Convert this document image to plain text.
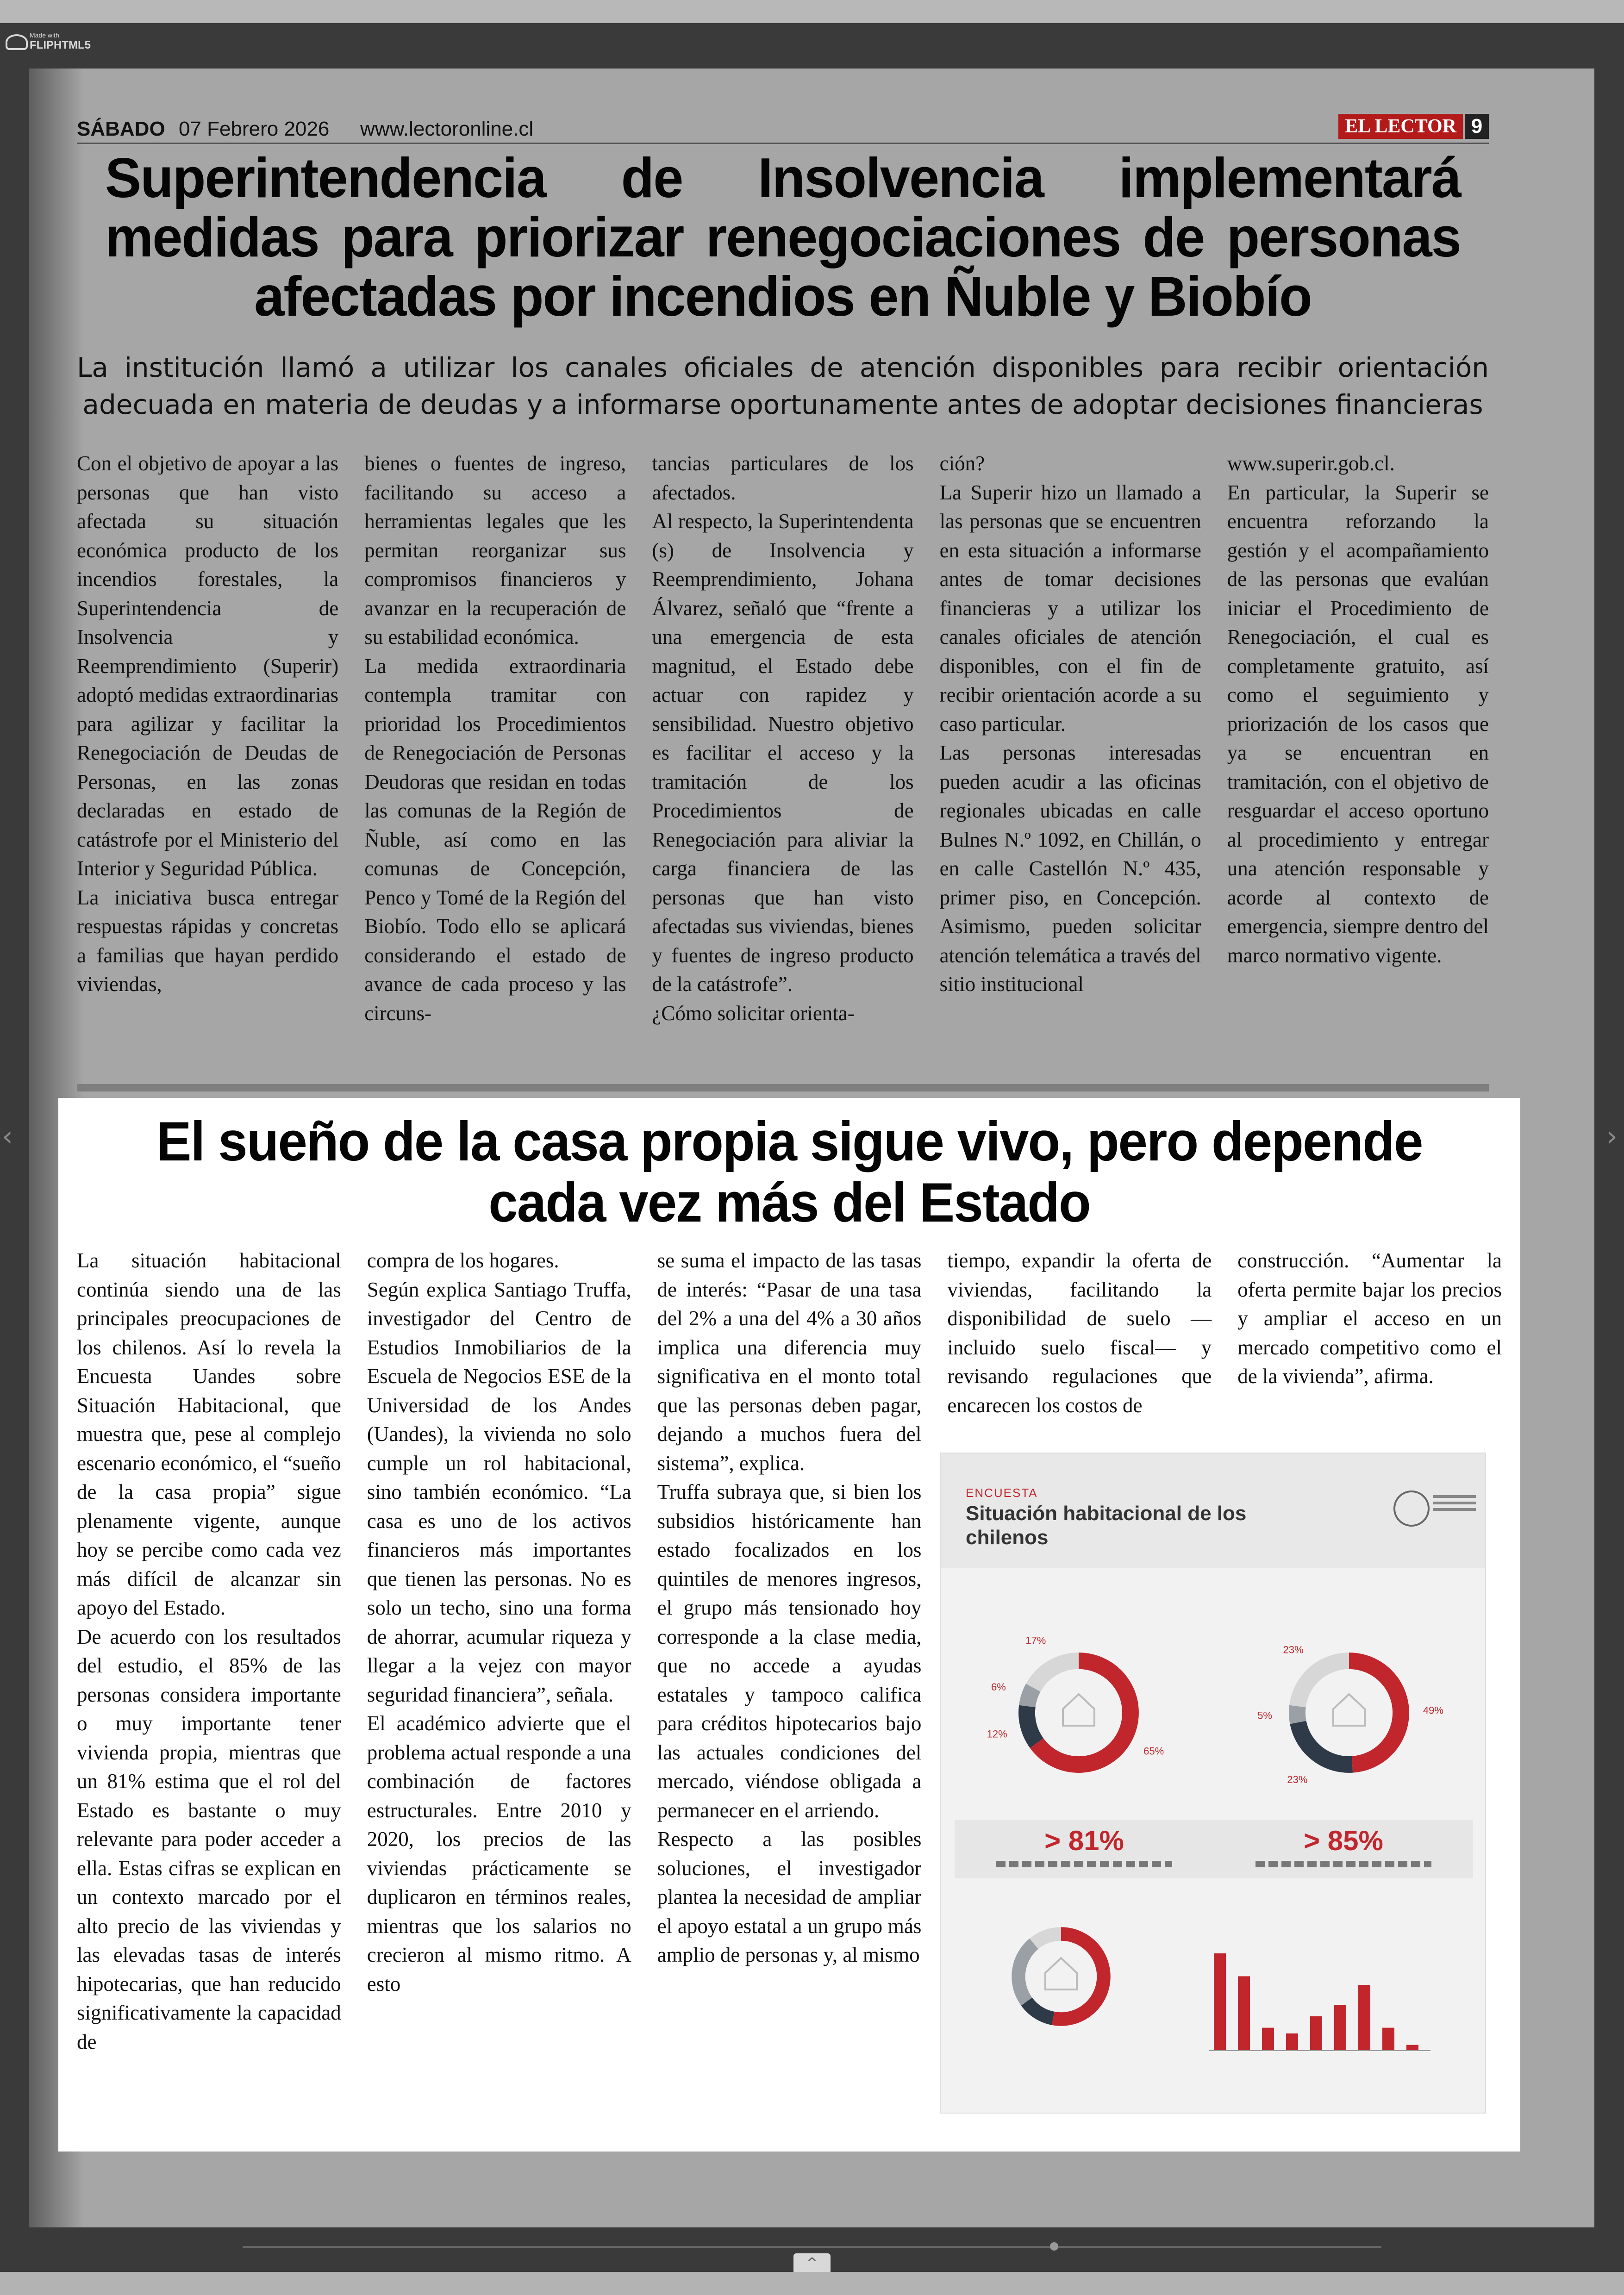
Made with
FLIPHTML5
‹	›
SÁBADO 07 Febrero 2026 www.lectoronline.cl	EL LECTOR 9
Superintendencia de Insolvencia implementará medidas para priorizar renegociaciones de personas afectadas por incendios en Ñuble y Biobío
La institución llamó a utilizar los canales oficiales de atención disponibles para recibir orientación adecuada en materia de deudas y a informarse oportunamente antes de adoptar decisiones financieras

Con el objetivo de apoyar a las personas que han visto afectada su situación económica producto de los incendios forestales, la Superintendencia de Insolvencia y Reemprendimiento (Superir) adoptó medidas extraordinarias para agilizar y facilitar la Renegociación de Deudas de Personas, en las zonas declaradas en estado de catástrofe por el Ministerio del Interior y Seguridad Pública.

La iniciativa busca entregar respuestas rápidas y concretas a familias que hayan perdido viviendas,

bienes o fuentes de ingreso, facilitando su acceso a herramientas legales que les permitan reorganizar sus compromisos financieros y avanzar en la recuperación de su estabilidad económica.

La medida extraordinaria contempla tramitar con prioridad los Procedimientos de Renegociación de Personas Deudoras que residan en todas las comunas de la Región de Ñuble, así como en las comunas de Concepción, Penco y Tomé de la Región del Biobío. Todo ello se aplicará considerando el estado de avance de cada proceso y las circuns-

tancias particulares de los afectados.

Al respecto, la Superintendenta (s) de Insolvencia y Reemprendimiento, Johana Álvarez, señaló que “frente a una emergencia de esta magnitud, el Estado debe actuar con rapidez y sensibilidad. Nuestro objetivo es facilitar el acceso y la tramitación de los Procedimientos de Renegociación para aliviar la carga financiera de las personas que han visto afectadas sus viviendas, bienes y fuentes de ingreso producto de la catástrofe”.

¿Cómo solicitar orienta-

ción?

La Superir hizo un llamado a las personas que se encuentren en esta situación a informarse antes de tomar decisiones financieras y a utilizar los canales oficiales de atención disponibles, con el fin de recibir orientación acorde a su caso particular.

Las personas interesadas pueden acudir a las oficinas regionales ubicadas en calle Bulnes N.º 1092, en Chillán, o en calle Castellón N.º 435, primer piso, en Concepción. Asimismo, pueden solicitar atención telemática a través del sitio institucional

www.superir.gob.cl.

En particular, la Superir se encuentra reforzando la gestión y el acompañamiento de las personas que evalúan iniciar el Procedimiento de Renegociación, el cual es completamente gratuito, así como el seguimiento y priorización de los casos que ya se encuentran en tramitación, con el objetivo de resguardar el acceso oportuno al procedimiento y entregar una atención responsable y acorde al contexto de emergencia, siempre dentro del marco normativo vigente.

El sueño de la casa propia sigue vivo, pero depende cada vez más del Estado

La situación habitacional continúa siendo una de las principales preocupaciones de los chilenos. Así lo revela la Encuesta Uandes sobre Situación Habitacional, que muestra que, pese al complejo escenario económico, el “sueño de la casa propia” sigue plenamente vigente, aunque hoy se percibe como cada vez más difícil de alcanzar sin apoyo del Estado.

De acuerdo con los resultados del estudio, el 85% de las personas considera importante o muy importante tener vivienda propia, mientras que un 81% estima que el rol del Estado es bastante o muy relevante para poder acceder a ella. Estas cifras se explican en un contexto marcado por el alto precio de las viviendas y las elevadas tasas de interés hipotecarias, que han reducido significativamente la capacidad de

compra de los hogares.

Según explica Santiago Truffa, investigador del Centro de Estudios Inmobiliarios de la Escuela de Negocios ESE de la Universidad de los Andes (Uandes), la vivienda no solo cumple un rol habitacional, sino también económico. “La casa es uno de los activos financieros más importantes que tienen las personas. No es solo un techo, sino una forma de ahorrar, acumular riqueza y llegar a la vejez con mayor seguridad financiera”, señala.

El académico advierte que el problema actual responde a una combinación de factores estructurales. Entre 2010 y 2020, los precios de las viviendas prácticamente se duplicaron en términos reales, mientras que los salarios no crecieron al mismo ritmo. A esto

se suma el impacto de las tasas de interés: “Pasar de una tasa del 2% a una del 4% a 30 años implica una diferencia muy significativa en el monto total que las personas deben pagar, dejando a muchos fuera del sistema”, explica.

Truffa subraya que, si bien los subsidios históricamente han estado focalizados en los quintiles de menores ingresos, el grupo más tensionado hoy corresponde a la clase media, que no accede a ayudas estatales y tampoco califica para créditos hipotecarios bajo las actuales condiciones del mercado, viéndose obligada a permanecer en el arriendo.

Respecto a las posibles soluciones, el investigador plantea la necesidad de ampliar el apoyo estatal a un grupo más amplio de personas y, al mismo

tiempo, expandir la oferta de viviendas, facilitando la disponibilidad de suelo —incluido suelo fiscal— y revisando regulaciones que encarecen los costos de

construcción. “Aumentar la oferta permite bajar los precios y ampliar el acceso en un mercado competitivo como el de la vivienda”, afirma.

ENCUESTA
Situación habitacional de los chilenos
65%
12%
6%
17%
49%
23%
5%
23%
> 81%	> 85%
^
